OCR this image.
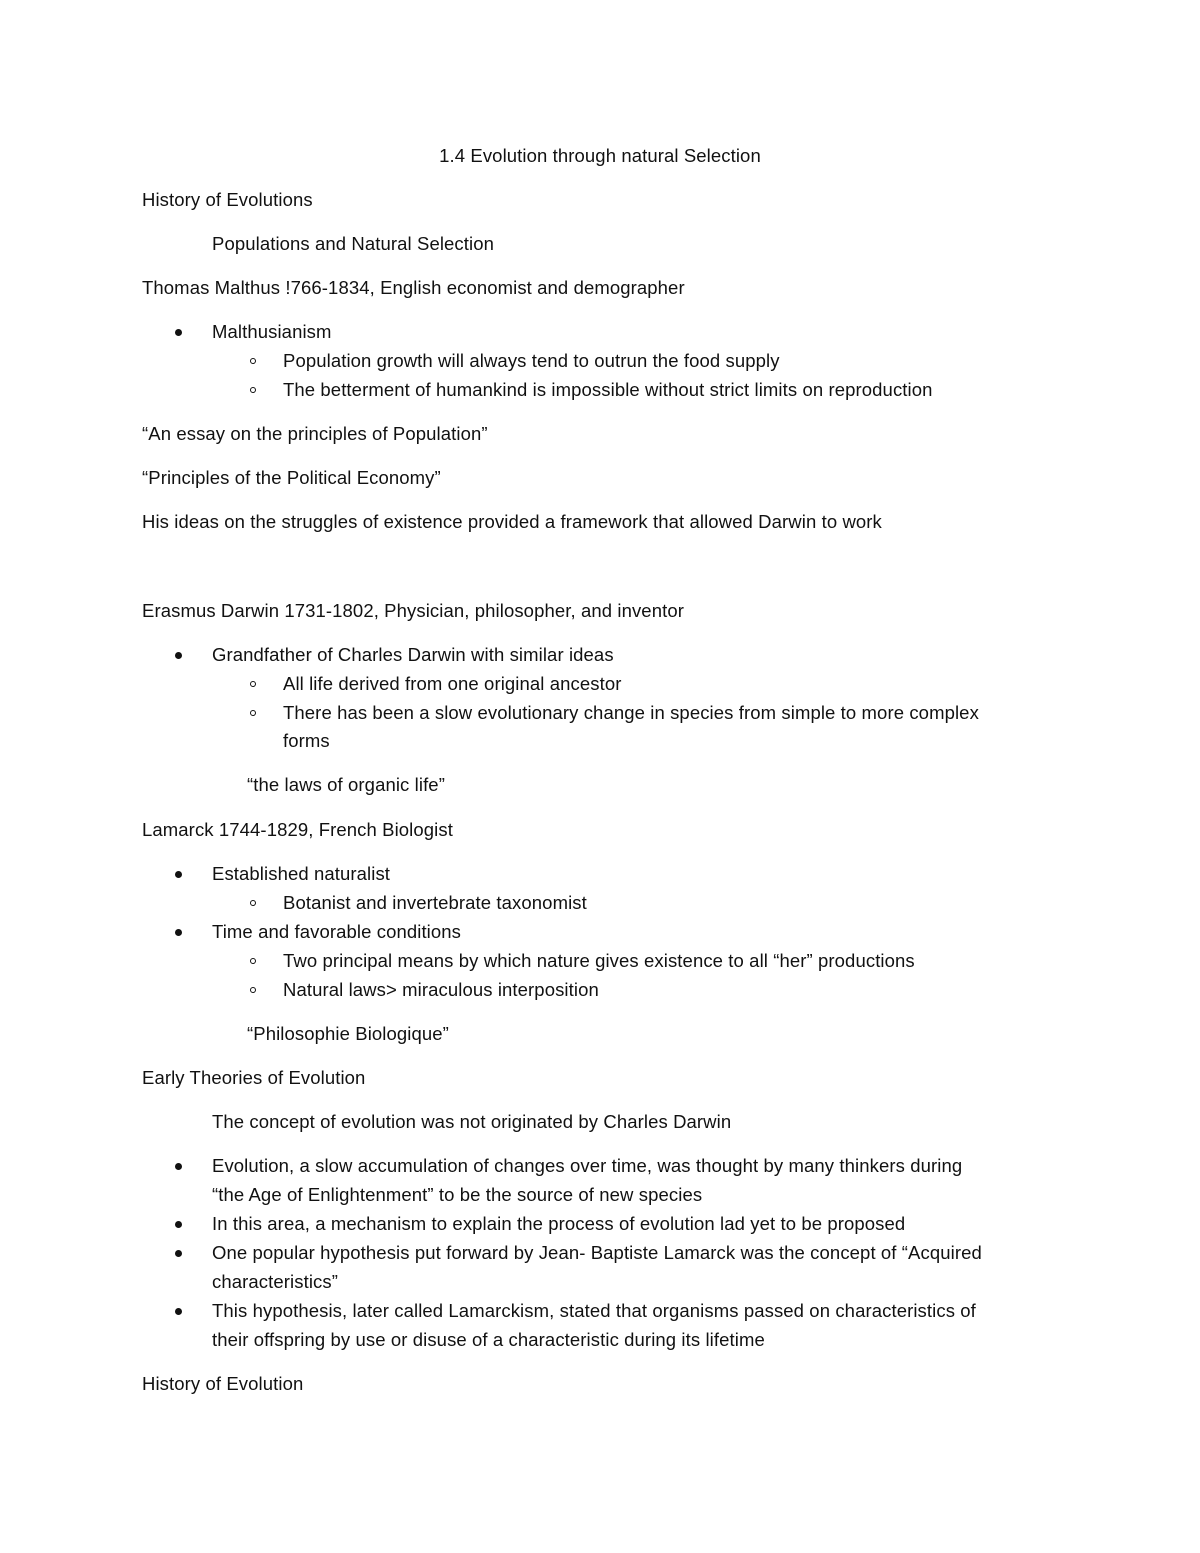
1.4 Evolution through natural Selection
History of Evolutions
Populations and Natural Selection
Thomas Malthus !766-1834, English economist and demographer
Malthusianism
Population growth will always tend to outrun the food supply
The betterment of humankind is impossible without strict limits on reproduction
“An essay on the principles of Population”
“Principles of the Political Economy”
His ideas on the struggles of existence provided a framework that allowed Darwin to work
Erasmus Darwin 1731-1802, Physician, philosopher, and inventor
Grandfather of Charles Darwin with similar ideas
All life derived from one original ancestor
There has been a slow evolutionary change in species from simple to more complex
forms
“the laws of organic life”
Lamarck 1744-1829, French Biologist
Established naturalist
Botanist and invertebrate taxonomist
Time and favorable conditions
Two principal means by which nature gives existence to all “her” productions
Natural laws> miraculous interposition
“Philosophie Biologique”
Early Theories of Evolution
The concept of evolution was not originated by Charles Darwin
Evolution, a slow accumulation of changes over time, was thought by many thinkers during
“the Age of Enlightenment” to be the source of new species
In this area, a mechanism to explain the process of evolution lad yet to be proposed
One popular hypothesis put forward by Jean- Baptiste Lamarck was the concept of “Acquired
characteristics”
This hypothesis, later called Lamarckism, stated that organisms passed on characteristics of
their offspring by use or disuse of a characteristic during its lifetime
History of Evolution
